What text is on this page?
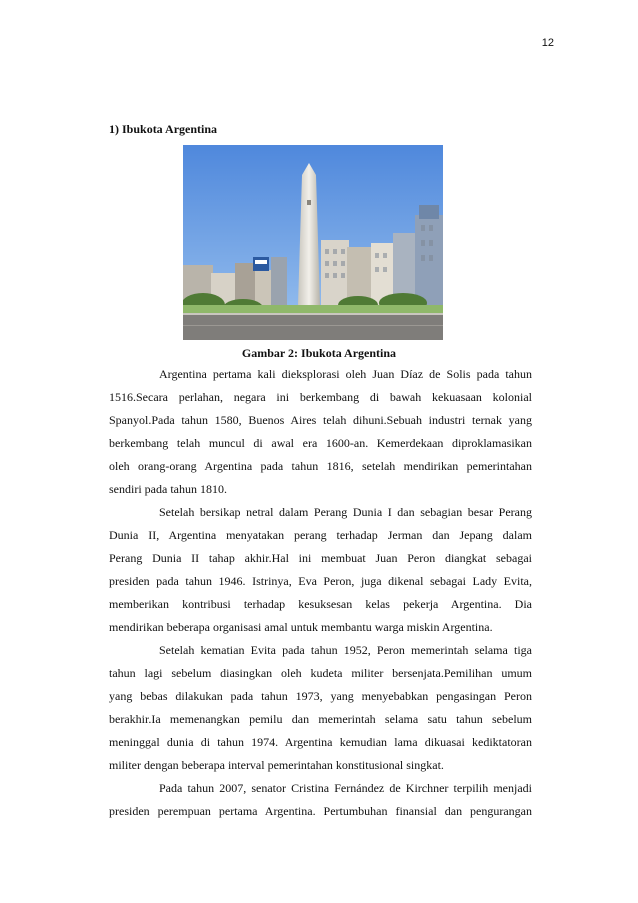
12
1) Ibukota Argentina
Gambar 2: Ibukota Argentina
Argentina pertama kali dieksplorasi oleh Juan Díaz de Solis pada tahun
1516.Secara perlahan, negara ini berkembang di bawah kekuasaan kolonial
Spanyol.Pada tahun 1580, Buenos Aires telah dihuni.Sebuah industri ternak yang
berkembang telah muncul di awal era 1600-an. Kemerdekaan diproklamasikan
oleh orang-orang Argentina pada tahun 1816, setelah mendirikan pemerintahan
sendiri pada tahun 1810.
Setelah bersikap netral dalam Perang Dunia I dan sebagian besar Perang
Dunia II, Argentina menyatakan perang terhadap Jerman dan Jepang dalam
Perang Dunia II tahap akhir.Hal ini membuat Juan Peron diangkat sebagai
presiden pada tahun 1946. Istrinya, Eva Peron, juga dikenal sebagai Lady Evita,
memberikan kontribusi terhadap kesuksesan kelas pekerja Argentina. Dia
mendirikan beberapa organisasi amal untuk membantu warga miskin Argentina.
Setelah kematian Evita pada tahun 1952, Peron memerintah selama tiga
tahun lagi sebelum diasingkan oleh kudeta militer bersenjata.Pemilihan umum
yang bebas dilakukan pada tahun 1973, yang menyebabkan pengasingan Peron
berakhir.Ia memenangkan pemilu dan memerintah selama satu tahun sebelum
meninggal dunia di tahun 1974. Argentina kemudian lama dikuasai kediktatoran
militer dengan beberapa interval pemerintahan konstitusional singkat.
Pada tahun 2007, senator Cristina Fernández de Kirchner terpilih menjadi
presiden perempuan pertama Argentina. Pertumbuhan finansial dan pengurangan
